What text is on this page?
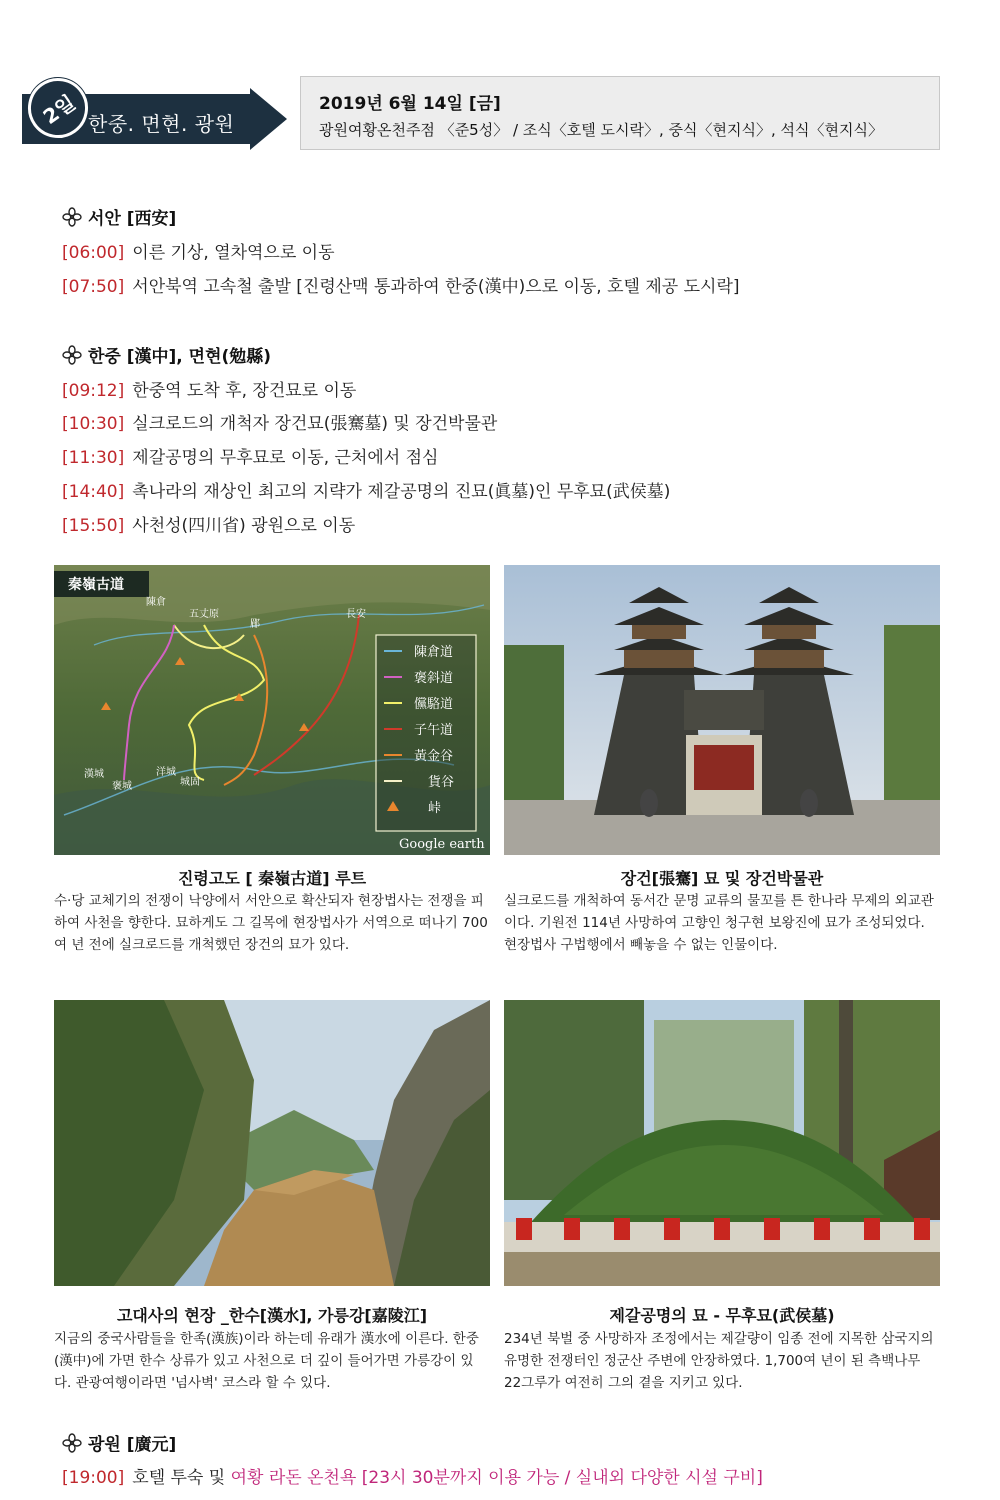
2일 한중. 면현. 광원
2019년 6월 14일 [금]
광원여황온천주점 〈준5성〉 / 조식〈호텔 도시락〉, 중식〈현지식〉, 석식〈현지식〉
서안 [西安]
[06:00] 이른 기상, 열차역으로 이동
[07:50] 서안북역 고속철 출발 [진령산맥 통과하여 한중(漢中)으로 이동, 호텔 제공 도시락]
한중 [漢中], 면현(勉縣)
[09:12] 한중역 도착 후, 장건묘로 이동
[10:30] 실크로드의 개척자 장건묘(張騫墓) 및 장건박물관
[11:30] 제갈공명의 무후묘로 이동, 근처에서 점심
[14:40] 촉나라의 재상인 최고의 지략가 제갈공명의 진묘(眞墓)인 무후묘(武侯墓)
[15:50] 사천성(四川省) 광원으로 이동
秦嶺古道
陳倉
五丈原
郿
長安
漢城
褒城
洋城
城固
陳倉道
褒斜道
儻駱道
子午道
黃金谷
貨谷
峠
Google earth
진령고도 [ 秦嶺古道] 루트
수·당 교체기의 전쟁이 낙양에서 서안으로 확산되자 현장법사는 전쟁을 피하여 사천을 향한다. 묘하게도 그 길목에 현장법사가 서역으로 떠나기 700여 년 전에 실크로드를 개척했던 장건의 묘가 있다.
장건[張騫] 묘 및 장건박물관
실크로드를 개척하여 동서간 문명 교류의 물꼬를 튼 한나라 무제의 외교관이다. 기원전 114년 사망하여 고향인 청구현 보왕진에 묘가 조성되었다. 현장법사 구법행에서 빼놓을 수 없는 인물이다.
고대사의 현장 _한수[漢水], 가릉강[嘉陵江]
지금의 중국사람들을 한족(漢族)이라 하는데 유래가 漢水에 이른다. 한중(漢中)에 가면 한수 상류가 있고 사천으로 더 깊이 들어가면 가릉강이 있다. 관광여행이라면 '넘사벽' 코스라 할 수 있다.
제갈공명의 묘 - 무후묘(武侯墓)
234년 북벌 중 사망하자 조정에서는 제갈량이 임종 전에 지목한 삼국지의 유명한 전쟁터인 정군산 주변에 안장하였다. 1,700여 년이 된 측백나무 22그루가 여전히 그의 곁을 지키고 있다.
광원 [廣元]
[19:00] 호텔 투숙 및 여황 라돈 온천욕 [23시 30분까지 이용 가능 / 실내외 다양한 시설 구비]
